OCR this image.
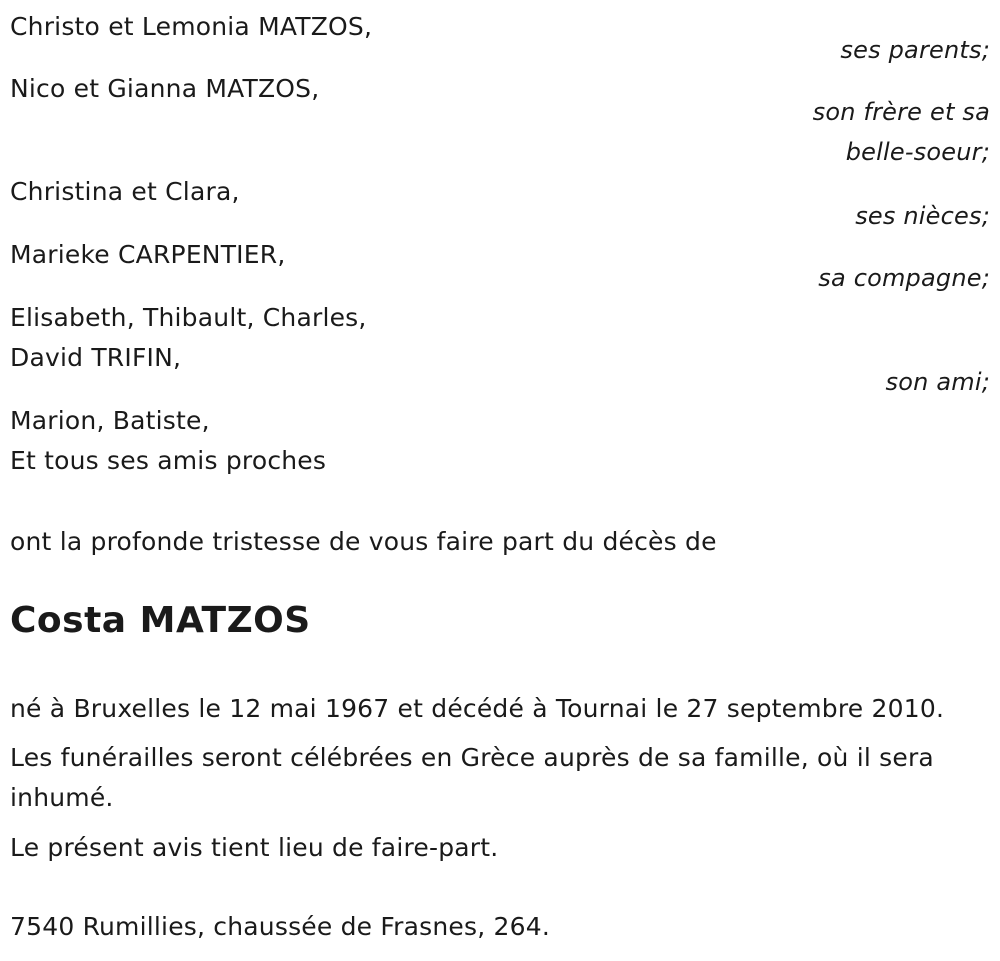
Christo et Lemonia MATZOS,
ses parents;
Nico et Gianna MATZOS,
son frère et sa
belle-soeur;
Christina et Clara,
ses nièces;
Marieke CARPENTIER,
sa compagne;
Elisabeth, Thibault, Charles,
David TRIFIN,
son ami;
Marion, Batiste,
Et tous ses amis proches
ont la profonde tristesse de vous faire part du décès de
Costa MATZOS
né à Bruxelles le 12 mai 1967 et décédé à Tournai le 27 septembre 2010.
Les funérailles seront célébrées en Grèce auprès de sa famille, où il sera
inhumé.
Le présent avis tient lieu de faire-part.
7540 Rumillies, chaussée de Frasnes, 264.
